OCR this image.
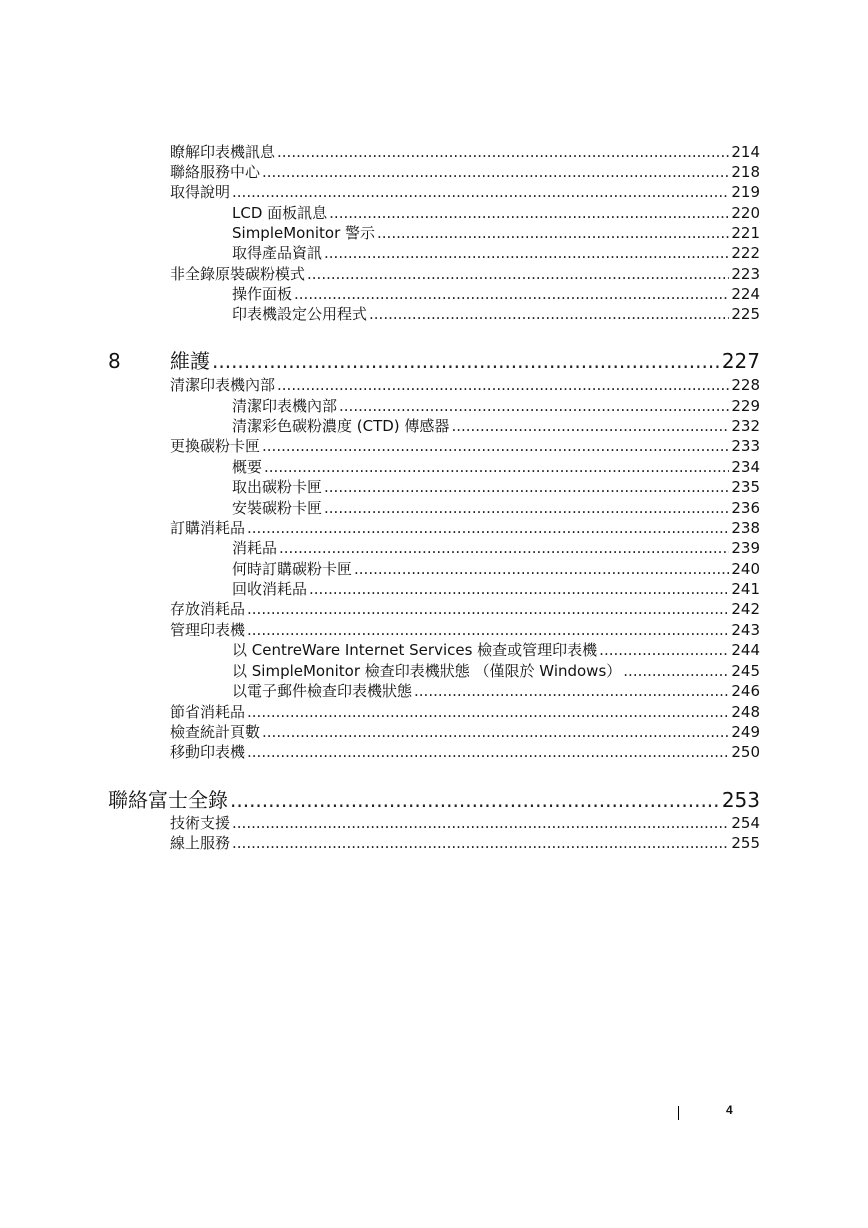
瞭解印表機訊息 .....	214
聯絡服務中心 .....	218
取得說明 .....	219
LCD 面板訊息 .....	220
SimpleMonitor 警示 .....	221
取得產品資訊 .....	222
非全錄原裝碳粉模式 .....	223
操作面板 .....	224
印表機設定公用程式 .....	225
8 維護 .....	227
清潔印表機內部 .....	228
清潔印表機內部 .....	229
清潔彩色碳粉濃度 (CTD) 傳感器 .....	232
更換碳粉卡匣 .....	233
概要 .....	234
取出碳粉卡匣 .....	235
安裝碳粉卡匣 .....	236
訂購消耗品 .....	238
消耗品 .....	239
何時訂購碳粉卡匣 .....	240
回收消耗品 .....	241
存放消耗品 .....	242
管理印表機 .....	243
以 CentreWare Internet Services 檢查或管理印表機 .....	244
以 SimpleMonitor 檢查印表機狀態 （僅限於 Windows） .....	245
以電子郵件檢查印表機狀態 .....	246
節省消耗品 .....	248
檢查統計頁數 .....	249
移動印表機 .....	250
聯絡富士全錄 .....	253
技術支援 .....	254
線上服務 .....	255
4
